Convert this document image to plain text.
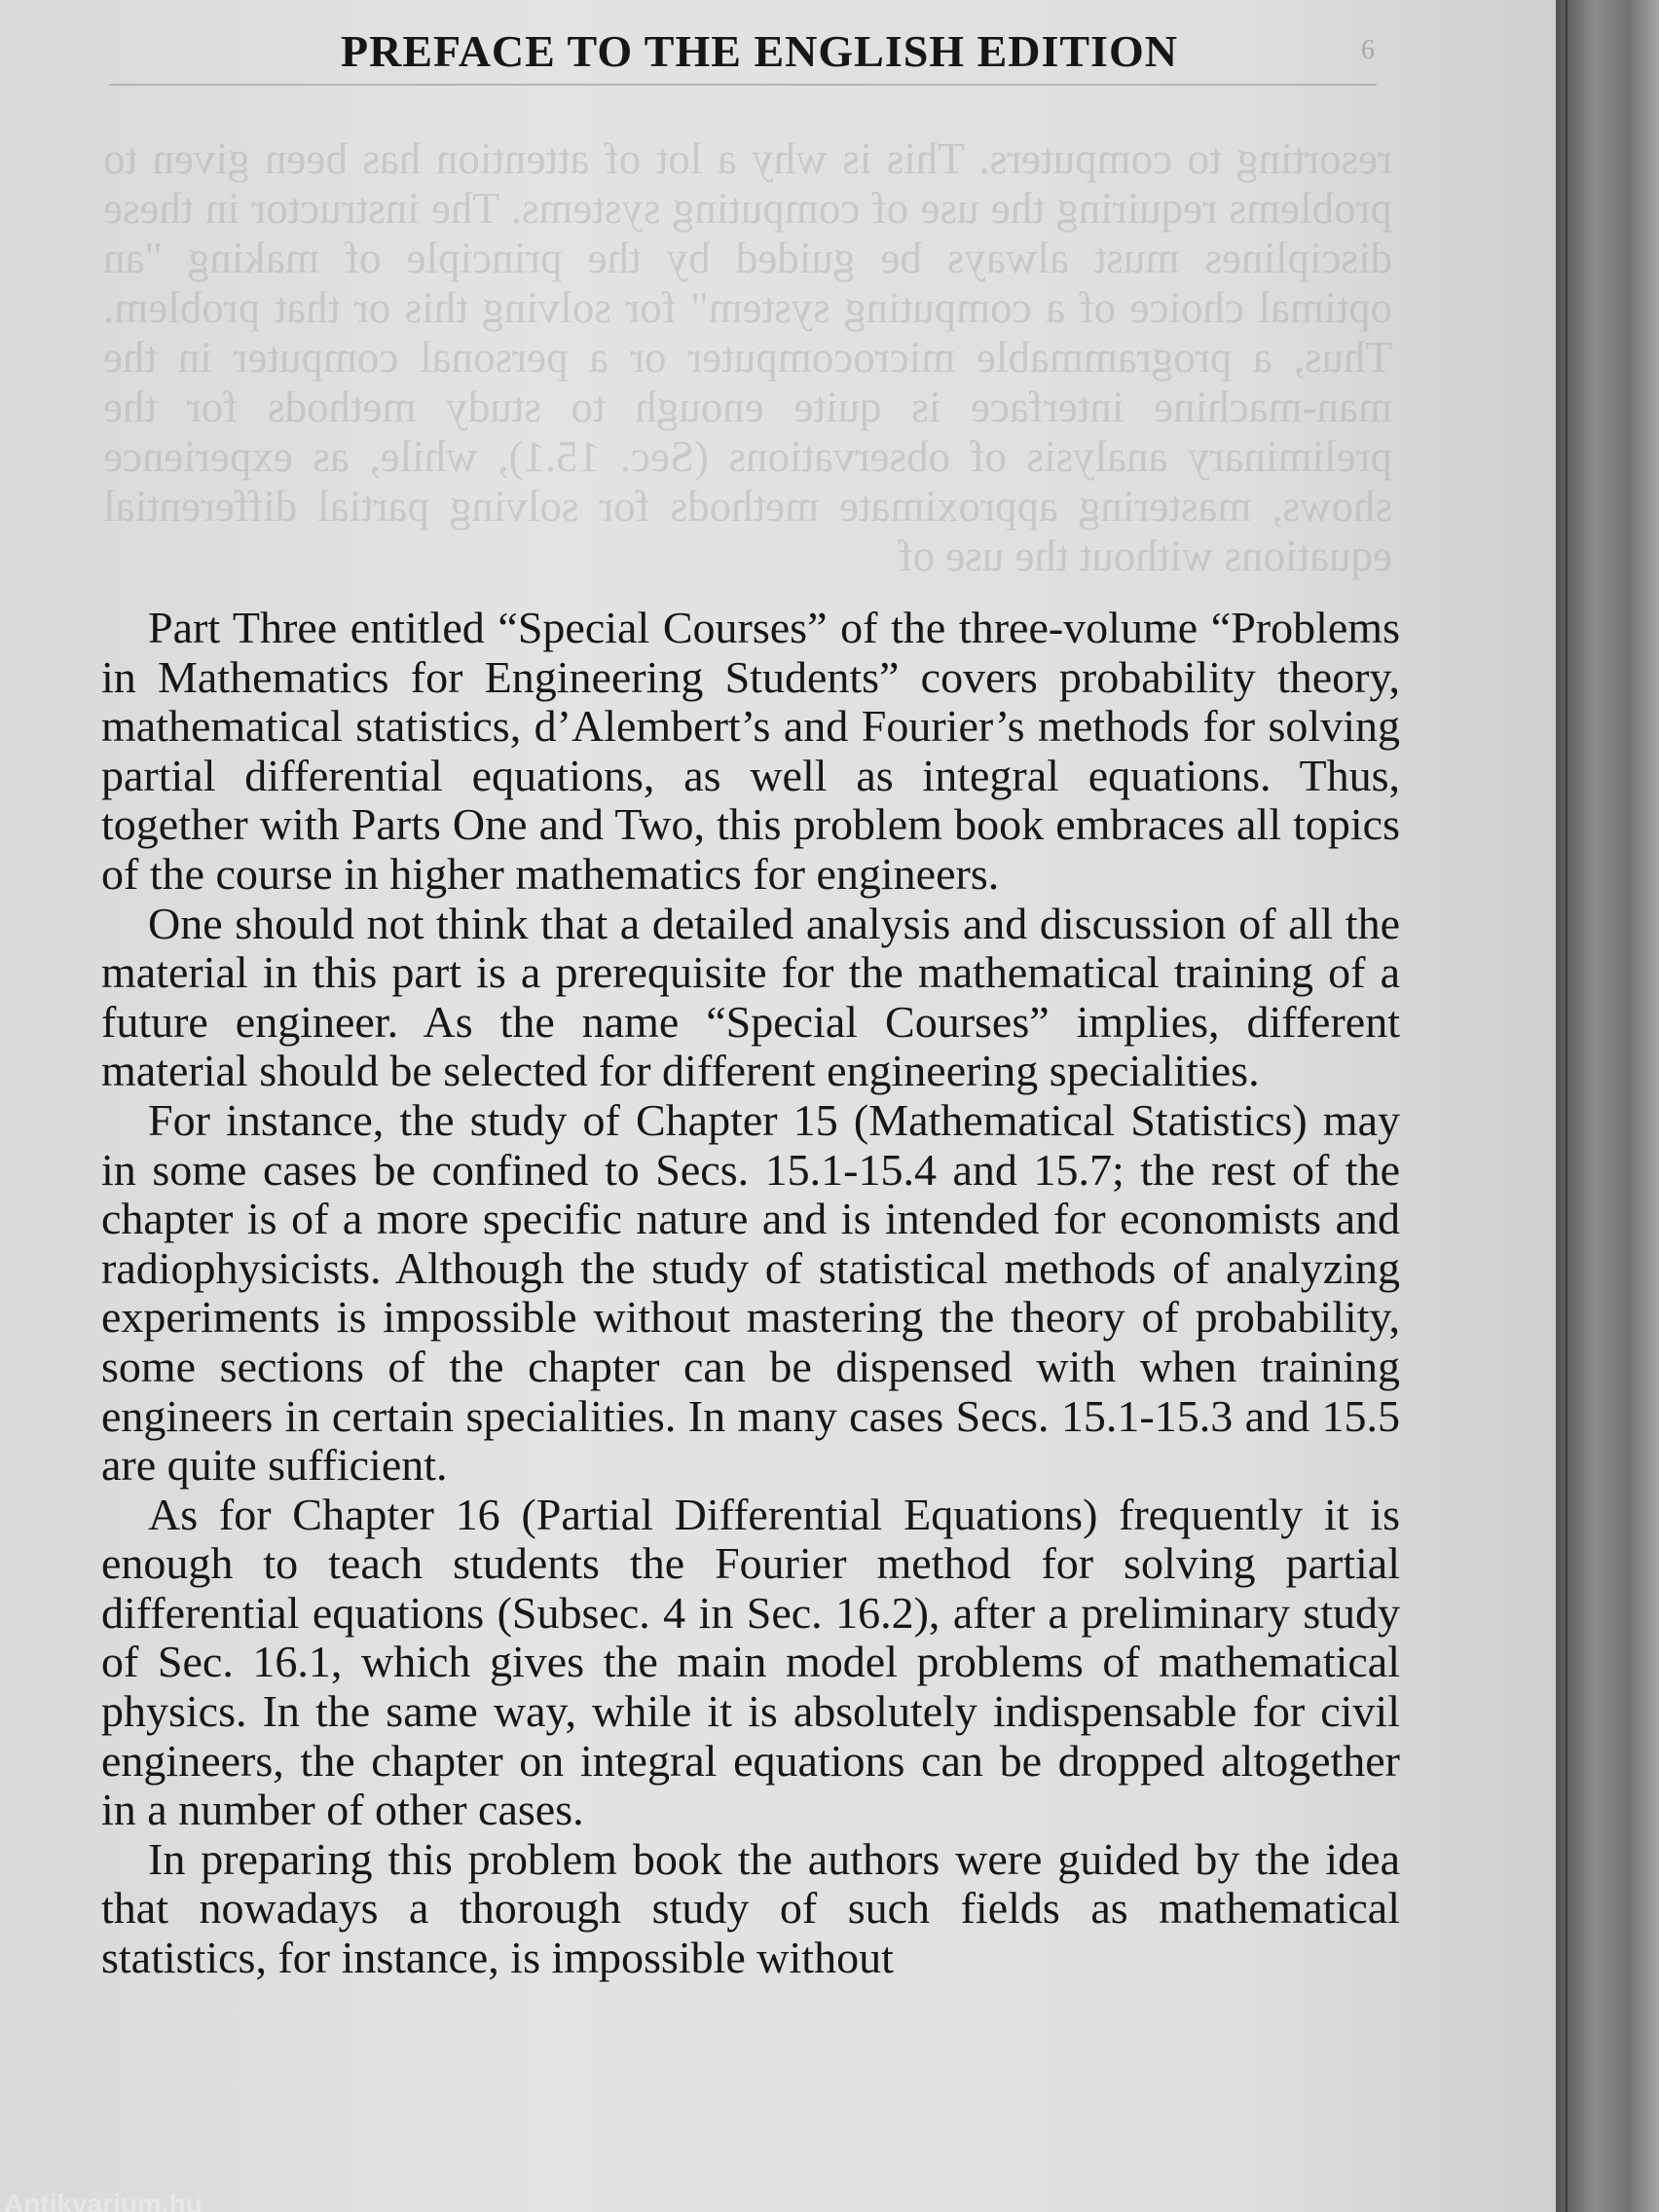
PREFACE TO THE ENGLISH EDITION	6
resorting to computers. This is why a lot of attention has been given to problems requiring the use of computing systems. The instructor in these disciplines must always be guided by the principle of making "an optimal choice of a computing system" for solving this or that problem. Thus, a programmable microcomputer or a personal computer in the man-machine interface is quite enough to study methods for the preliminary analysis of observations (Sec. 15.1), while, as experience shows, mastering approximate methods for solving partial differential equations without the use of

Part Three entitled “Special Courses” of the three-volume “Problems in Mathematics for Engineering Students” covers probability theory, mathematical statistics, d’Alembert’s and Fourier’s methods for solving partial differential equations, as well as integral equations. Thus, together with Parts One and Two, this problem book embraces all topics of the course in higher mathematics for engineers.

One should not think that a detailed analysis and discussion of all the material in this part is a prerequisite for the mathematical training of a future engineer. As the name “Special Courses” implies, different material should be selected for different engineering specialities.

For instance, the study of Chapter 15 (Mathematical Statistics) may in some cases be confined to Secs. 15.1-15.4 and 15.7; the rest of the chapter is of a more specific nature and is intended for economists and radiophysicists. Although the study of statistical methods of analyzing experiments is impossible without mastering the theory of probability, some sections of the chapter can be dispensed with when training engineers in certain specialities. In many cases Secs. 15.1-​15.3 and 15.5 are quite sufficient.

As for Chapter 16 (Partial Differential Equations) frequently it is enough to teach students the Fourier method for solving partial differential equations (Subsec. 4 in Sec. 16.2), after a preliminary study of Sec. 16.1, which gives the main model problems of mathematical physics. In the same way, while it is absolutely indispensable for civil engineers, the chapter on integral equations can be dropped altogether in a number of other cases.

In preparing this problem book the authors were guided by the idea that nowadays a thorough study of such fields as mathematical statistics, for instance, is impossible without

Antikvarium.hu
